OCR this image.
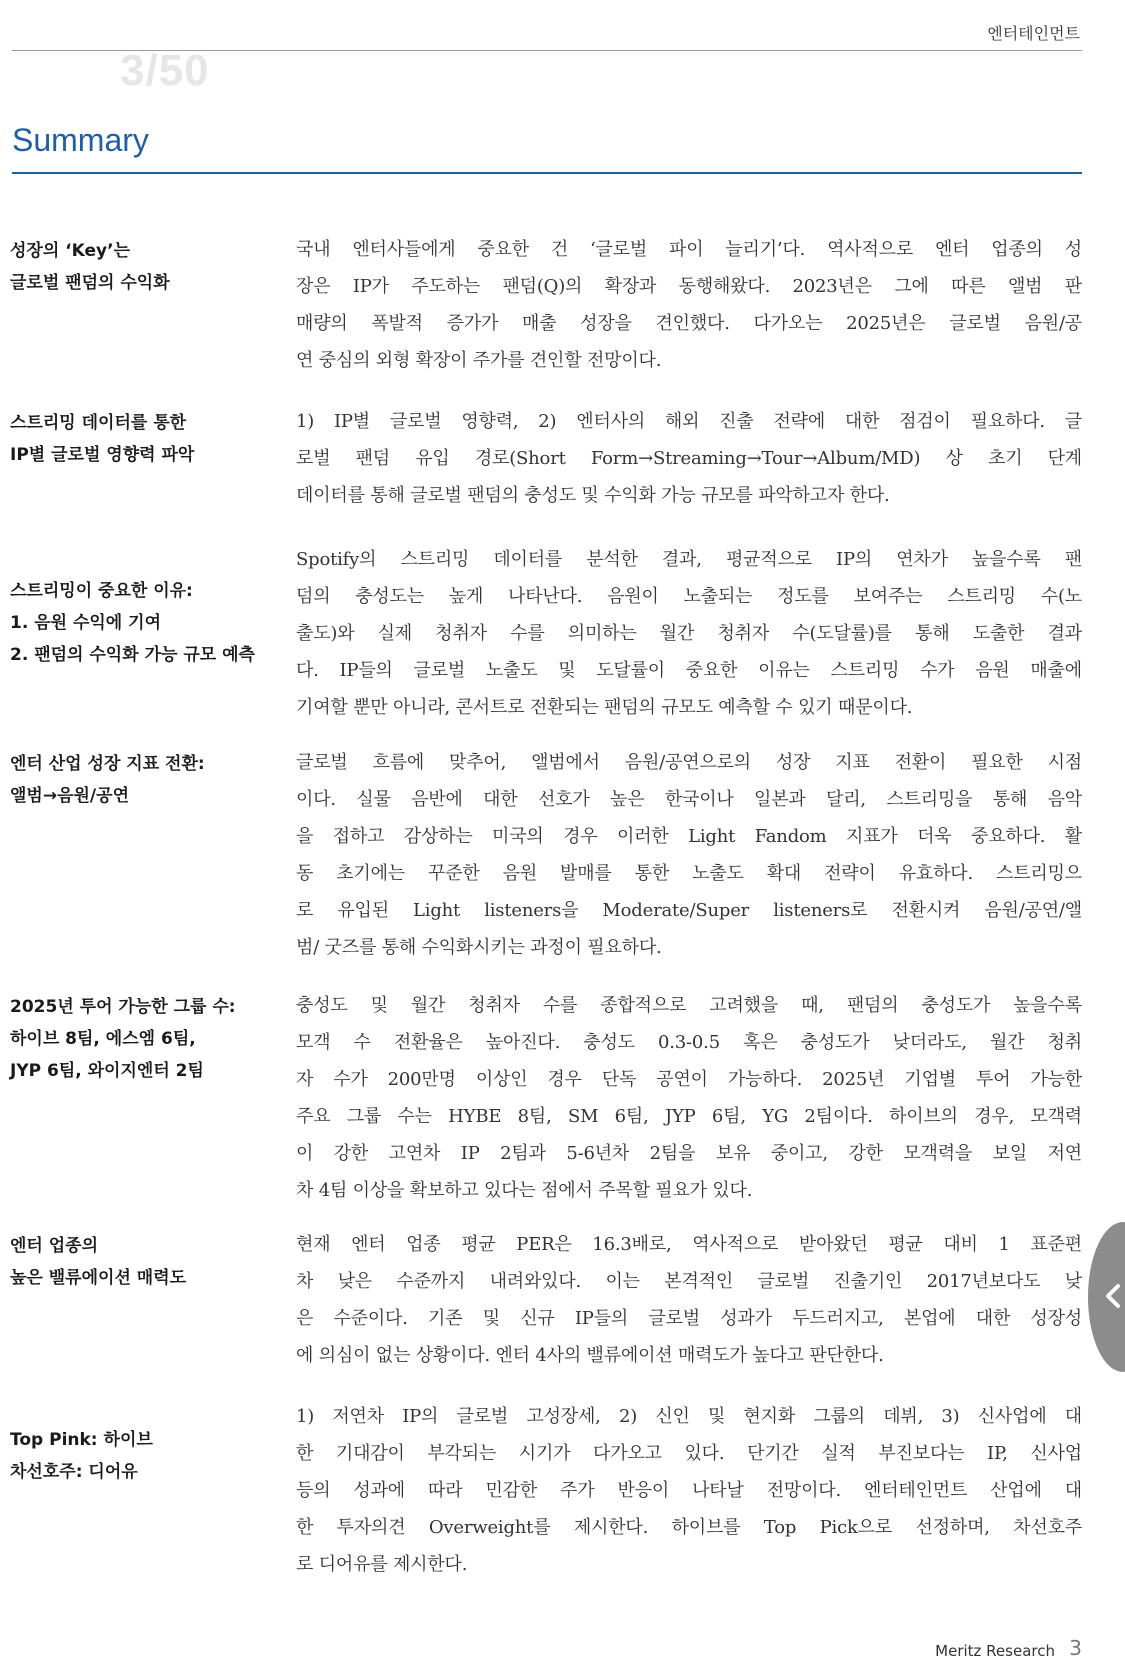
엔터테인먼트
3/50
Summary
성장의 ‘Key’는
글로벌 팬덤의 수익화
국내 엔터사들에게 중요한 건 ‘글로벌 파이 늘리기’다. 역사적으로 엔터 업종의 성
장은 IP가 주도하는 팬덤(Q)의 확장과 동행해왔다. 2023년은 그에 따른 앨범 판
매량의 폭발적 증가가 매출 성장을 견인했다. 다가오는 2025년은 글로벌 음원/공
연 중심의 외형 확장이 주가를 견인할 전망이다.
스트리밍 데이터를 통한
IP별 글로벌 영향력 파악
1) IP별 글로벌 영향력, 2) 엔터사의 해외 진출 전략에 대한 점검이 필요하다. 글
로벌 팬덤 유입 경로(Short Form→Streaming→Tour→Album/MD) 상 초기 단계
데이터를 통해 글로벌 팬덤의 충성도 및 수익화 가능 규모를 파악하고자 한다.
스트리밍이 중요한 이유:
1. 음원 수익에 기여
2. 팬덤의 수익화 가능 규모 예측
Spotify의 스트리밍 데이터를 분석한 결과, 평균적으로 IP의 연차가 높을수록 팬
덤의 충성도는 높게 나타난다. 음원이 노출되는 정도를 보여주는 스트리밍 수(노
출도)와 실제 청취자 수를 의미하는 월간 청취자 수(도달률)를 통해 도출한 결과
다. IP들의 글로벌 노출도 및 도달률이 중요한 이유는 스트리밍 수가 음원 매출에
기여할 뿐만 아니라, 콘서트로 전환되는 팬덤의 규모도 예측할 수 있기 때문이다.
엔터 산업 성장 지표 전환:
앨범→음원/공연
글로벌 흐름에 맞추어, 앨범에서 음원/공연으로의 성장 지표 전환이 필요한 시점
이다. 실물 음반에 대한 선호가 높은 한국이나 일본과 달리, 스트리밍을 통해 음악
을 접하고 감상하는 미국의 경우 이러한 Light Fandom 지표가 더욱 중요하다. 활
동 초기에는 꾸준한 음원 발매를 통한 노출도 확대 전략이 유효하다. 스트리밍으
로 유입된 Light listeners을 Moderate/Super listeners로 전환시켜 음원/공연/앨
범/ 굿즈를 통해 수익화시키는 과정이 필요하다.
2025년 투어 가능한 그룹 수:
하이브 8팀, 에스엠 6팀,
JYP 6팀, 와이지엔터 2팀
충성도 및 월간 청취자 수를 종합적으로 고려했을 때, 팬덤의 충성도가 높을수록
모객 수 전환율은 높아진다. 충성도 0.3-0.5 혹은 충성도가 낮더라도, 월간 청취
자 수가 200만명 이상인 경우 단독 공연이 가능하다. 2025년 기업별 투어 가능한
주요 그룹 수는 HYBE 8팀, SM 6팀, JYP 6팀, YG 2팀이다. 하이브의 경우, 모객력
이 강한 고연차 IP 2팀과 5-6년차 2팀을 보유 중이고, 강한 모객력을 보일 저연
차 4팀 이상을 확보하고 있다는 점에서 주목할 필요가 있다.
엔터 업종의
높은 밸류에이션 매력도
현재 엔터 업종 평균 PER은 16.3배로, 역사적으로 받아왔던 평균 대비 1 표준편
차 낮은 수준까지 내려와있다. 이는 본격적인 글로벌 진출기인 2017년보다도 낮
은 수준이다. 기존 및 신규 IP들의 글로벌 성과가 두드러지고, 본업에 대한 성장성
에 의심이 없는 상황이다. 엔터 4사의 밸류에이션 매력도가 높다고 판단한다.
Top Pink: 하이브
차선호주: 디어유
1) 저연차 IP의 글로벌 고성장세, 2) 신인 및 현지화 그룹의 데뷔, 3) 신사업에 대
한 기대감이 부각되는 시기가 다가오고 있다. 단기간 실적 부진보다는 IP, 신사업
등의 성과에 따라 민감한 주가 반응이 나타날 전망이다. 엔터테인먼트 산업에 대
한 투자의견 Overweight를 제시한다. 하이브를 Top Pick으로 선정하며, 차선호주
로 디어유를 제시한다.
Meritz Research 3
